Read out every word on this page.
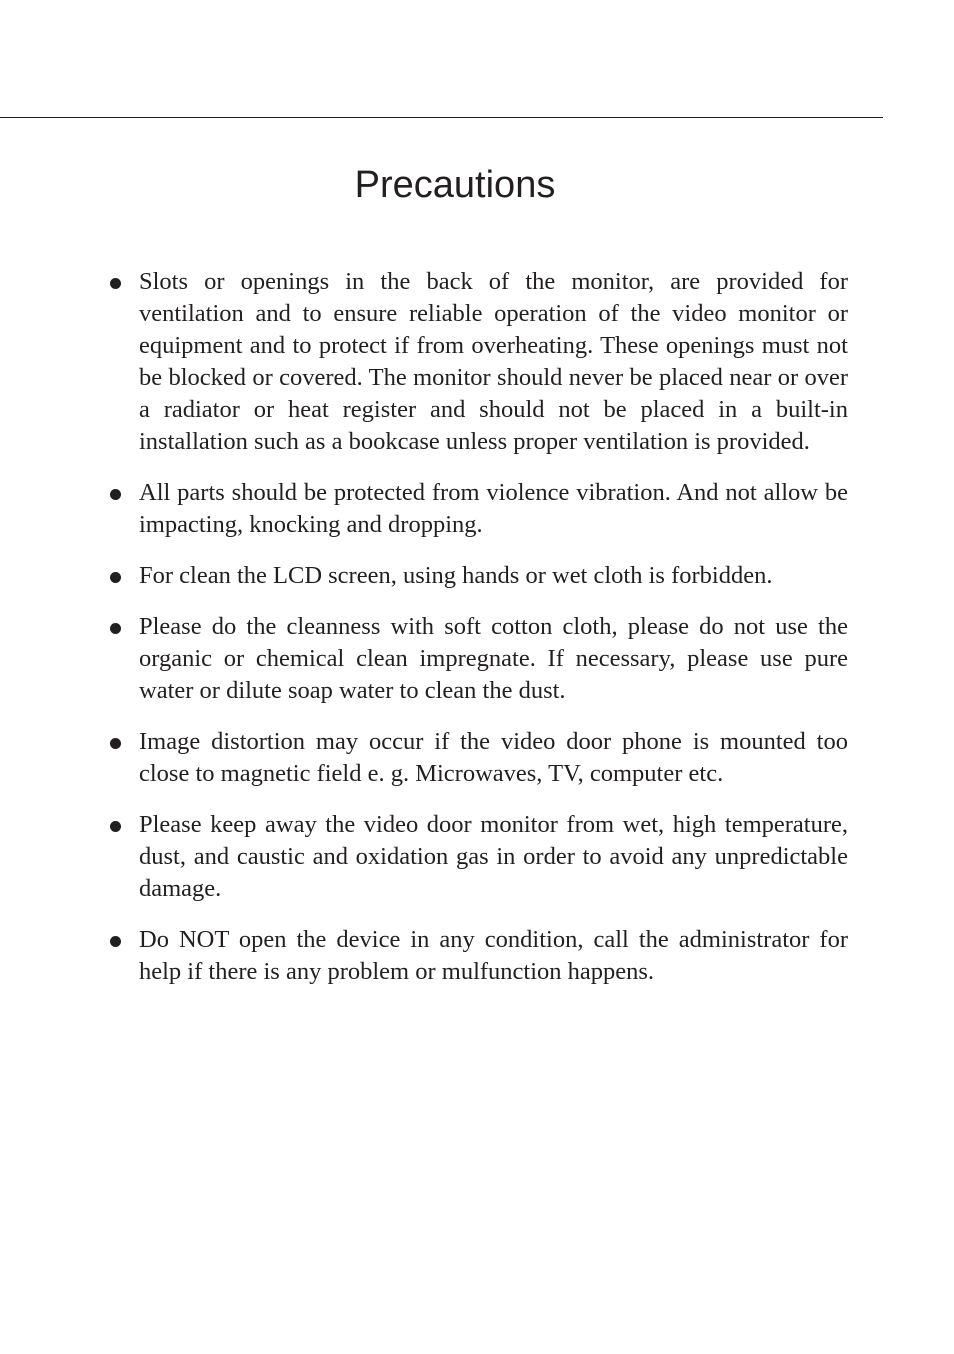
Precautions
Slots or openings in the back of the monitor, are provided for ventilation and to ensure reliable operation of the video monitor or equipment and to protect if from overheating. These openings must not be blocked or covered. The monitor should never be placed near or over a radiator or heat register and should not be placed in a built-in installation such as a bookcase unless proper ventilation is provided.
All parts should be protected from violence vibration. And not allow be impacting, knocking and dropping.
For clean the LCD screen, using hands or wet cloth is forbidden.
Please do the cleanness with soft cotton cloth, please do not use the organic or chemical clean impregnate. If necessary, please use pure water or dilute soap water to clean the dust.
Image distortion may occur if the video door phone is mounted too close to magnetic field e. g. Microwaves, TV, computer etc.
Please keep away the video door monitor from wet, high temperature, dust, and caustic and oxidation gas in order to avoid any unpredictable damage.
Do NOT open the device in any condition, call the administrator for help if there is any problem or mulfunction happens.
